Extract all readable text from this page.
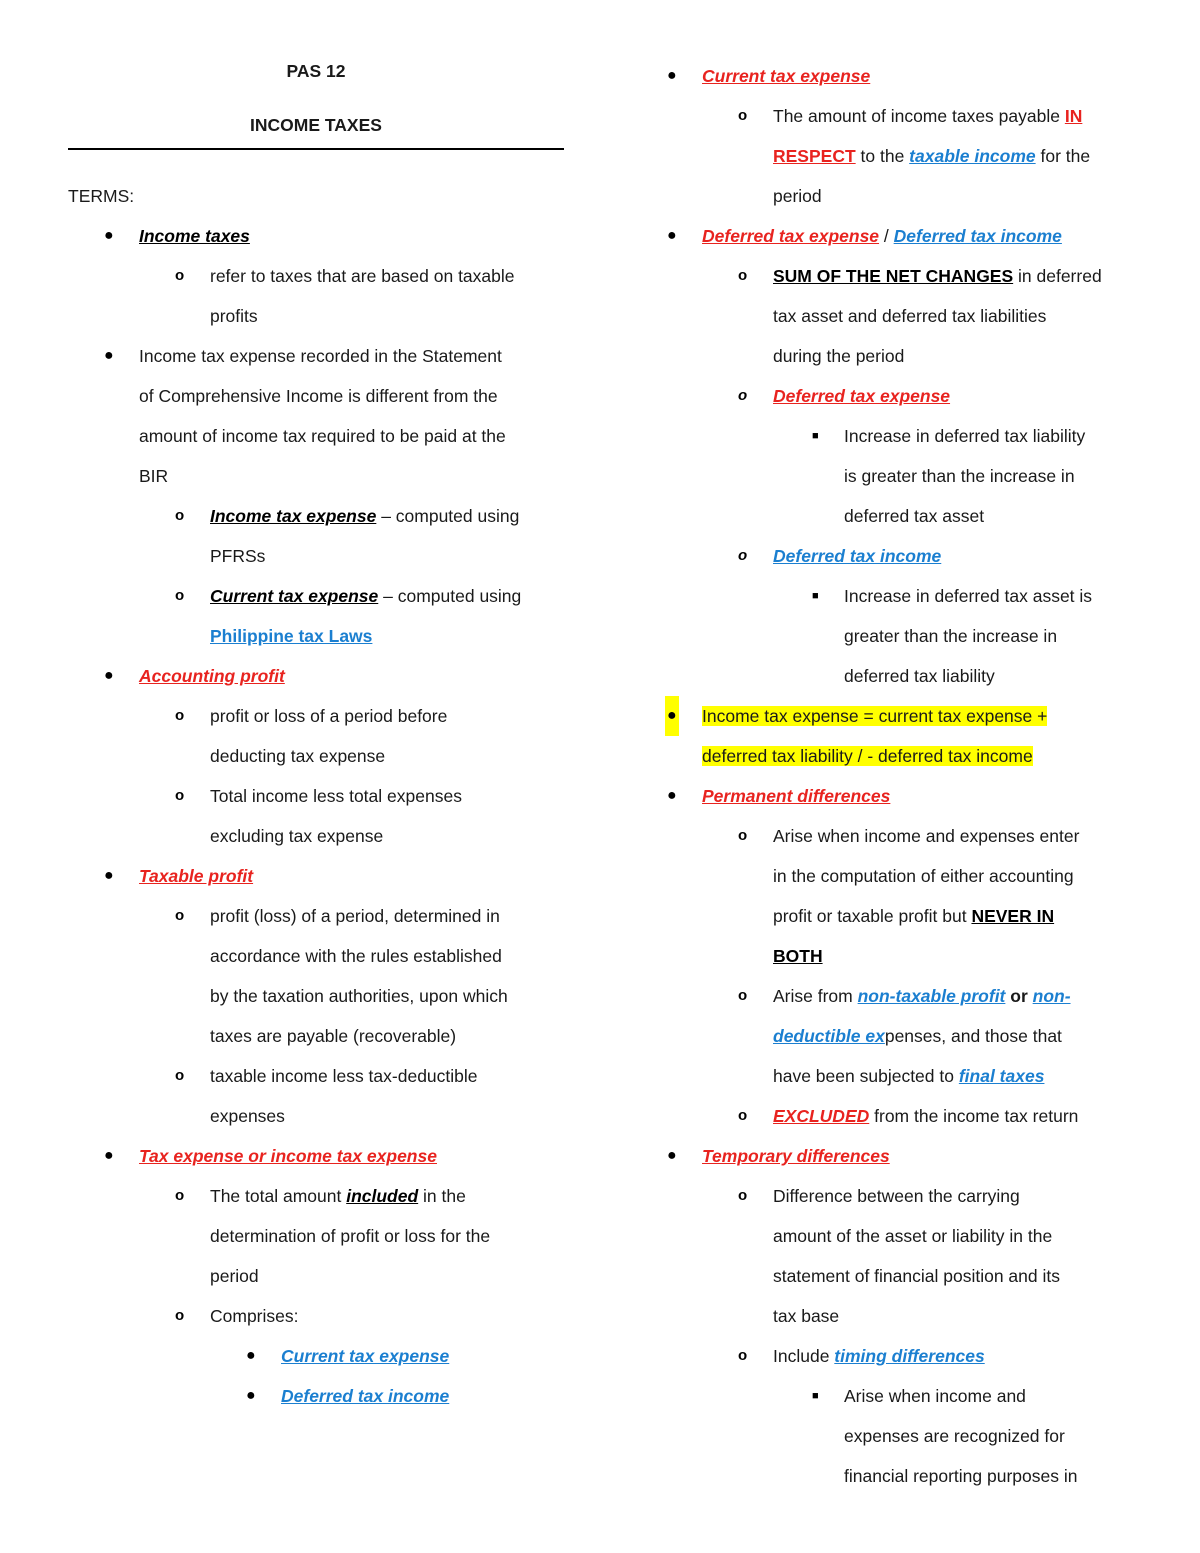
PAS 12
INCOME TAXES
TERMS:
● Income taxes
o refer to taxes that are based on taxable
profits
● Income tax expense recorded in the Statement
of Comprehensive Income is different from the
amount of income tax required to be paid at the
BIR
o Income tax expense – computed using
PFRSs
o Current tax expense – computed using
Philippine tax Laws
● Accounting profit
o profit or loss of a period before
deducting tax expense
o Total income less total expenses
excluding tax expense
● Taxable profit
o profit (loss) of a period, determined in
accordance with the rules established
by the taxation authorities, upon which
taxes are payable (recoverable)
o taxable income less tax-deductible
expenses
● Tax expense or income tax expense
o The total amount included in the
determination of profit or loss for the
period
o Comprises:
● Current tax expense
● Deferred tax income
● Current tax expense
o The amount of income taxes payable IN
RESPECT to the taxable income for the
period
● Deferred tax expense / Deferred tax income
o SUM OF THE NET CHANGES in deferred
tax asset and deferred tax liabilities
during the period
o Deferred tax expense
■ Increase in deferred tax liability
is greater than the increase in
deferred tax asset
o Deferred tax income
■ Increase in deferred tax asset is
greater than the increase in
deferred tax liability
● Income tax expense = current tax expense +
deferred tax liability / - deferred tax income
● Permanent differences
o Arise when income and expenses enter
in the computation of either accounting
profit or taxable profit but NEVER IN
BOTH
o Arise from non-taxable profit or non-
deductible expenses, and those that
have been subjected to final taxes
o EXCLUDED from the income tax return
● Temporary differences
o Difference between the carrying
amount of the asset or liability in the
statement of financial position and its
tax base
o Include timing differences
■ Arise when income and
expenses are recognized for
financial reporting purposes in
